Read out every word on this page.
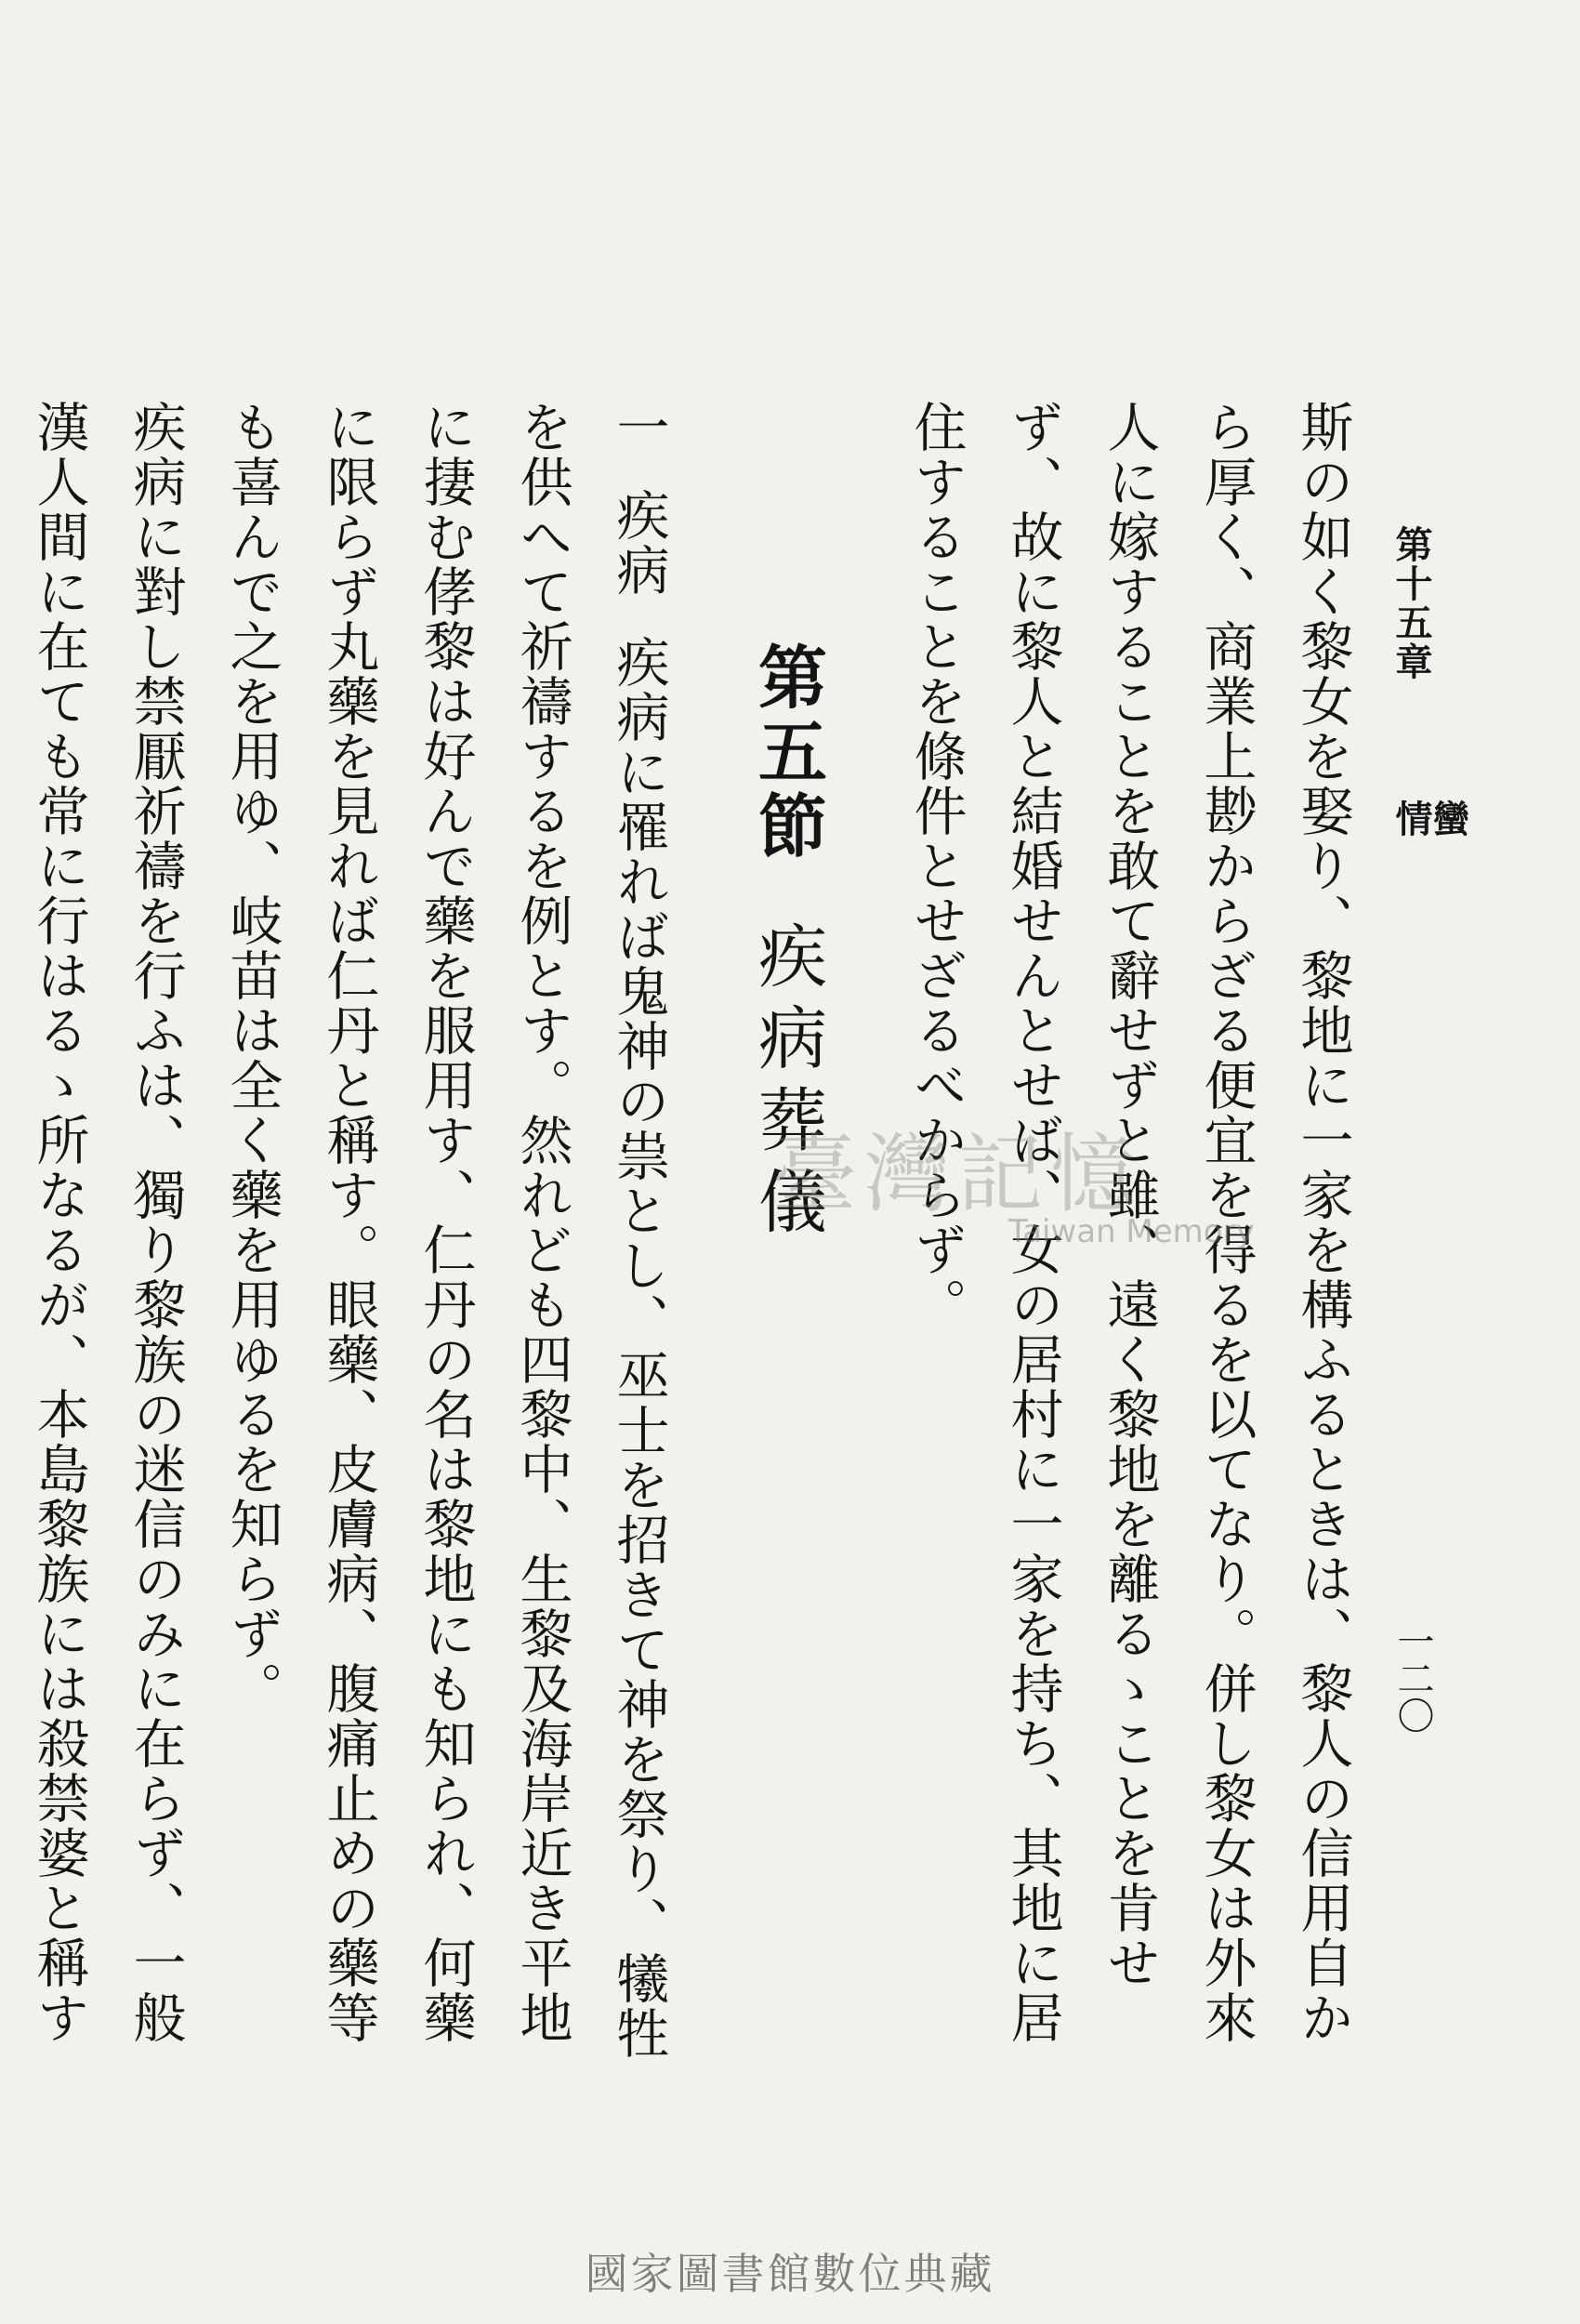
第十五章
蠻
情
一二〇

斯の如く黎女を娶り、黎地に一家を構ふるときは、黎人の信用自から厚く、商業上尠からざる便宜を得るを以てなり。併し黎女は外來人に嫁することを敢て辭せずと雖、遠く黎地を離るゝことを肯せず、故に黎人と結婚せんとせば、女の居村に一家を持ち、其地に居住することを條件とせざるべからず。

第五節疾病葬儀

一疾病疾病に罹れば鬼神の祟とし、巫士を招きて神を祭り、犧牲を供へて祈禱するを例とす。然れども四黎中、生黎及海岸近き平地に捿む侾黎は好んで藥を服用す、仁丹の名は黎地にも知られ、何藥に限らず丸藥を見れば仁丹と稱す。眼藥、皮膚病、腹痛止めの藥等も喜んで之を用ゆ、岐苗は全く藥を用ゆるを知らず。

疾病に對し禁厭祈禱を行ふは、獨り黎族の迷信のみに在らず、一般漢人間に在ても常に行はるゝ所なるが、本島黎族には殺禁婆と稱す

臺灣記憶
Taiwan Memory
國家圖書館數位典藏
